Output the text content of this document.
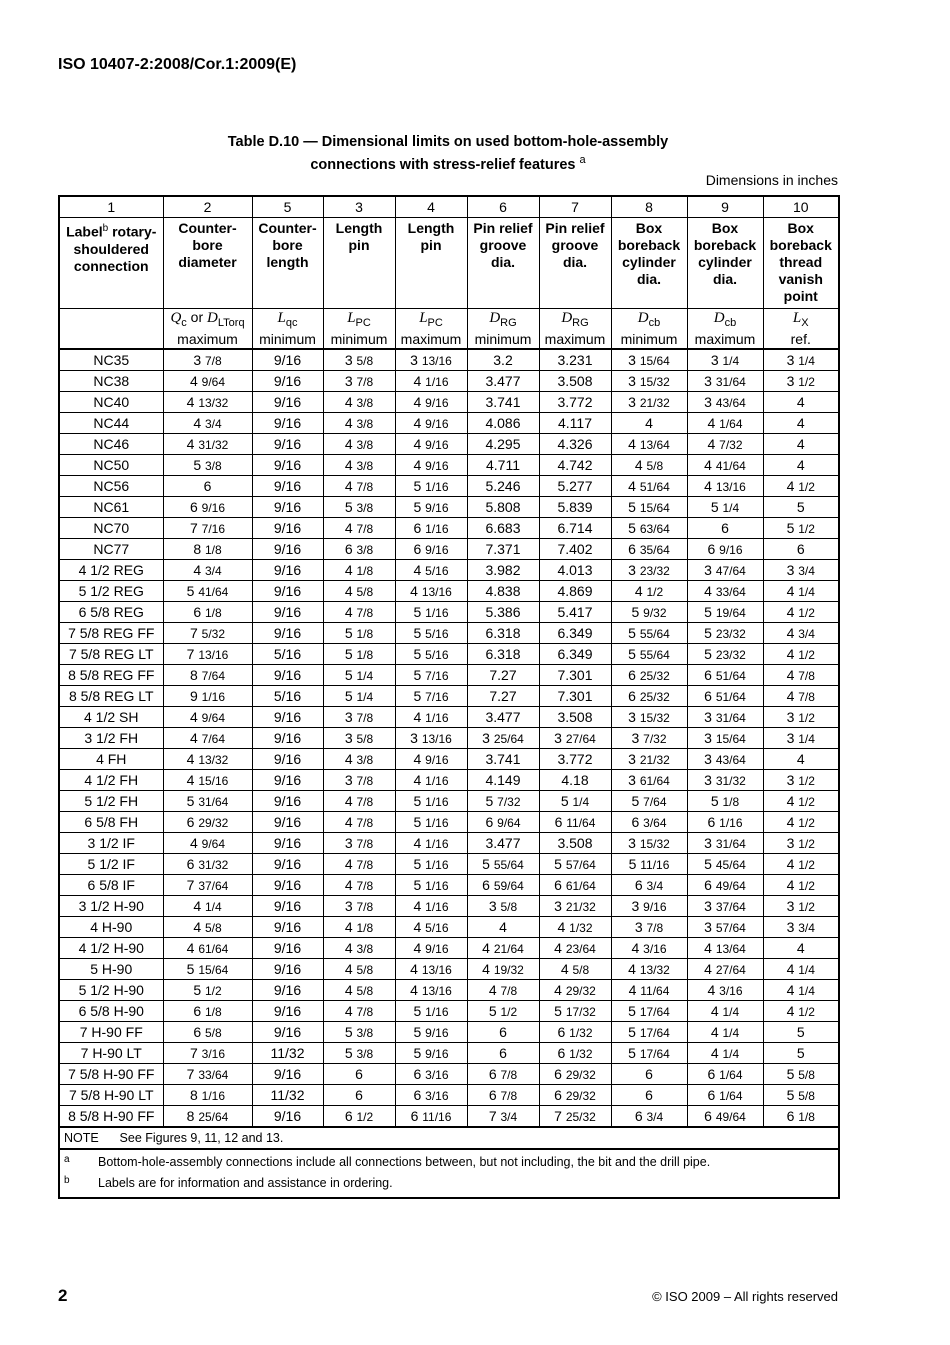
ISO 10407-2:2008/Cor.1:2009(E)
Table D.10 — Dimensional limits on used bottom-hole-assembly
connections with stress-relief features $^a$
Dimensions in inches
1	2	5	3	4	6	7	8	9	10
Label$^b$ rotary-shouldered connection	Counter-bore diameter	Counter-bore length	Length pin	Length pin	Pin relief groove dia.	Pin relief groove dia.	Box boreback cylinder dia.	Box boreback cylinder dia.	Box boreback thread vanish point
	$Q_c$ or $D_{LTorq}$	$L_{qc}$	$L_{PC}$	$L_{PC}$	$D_{RG}$	$D_{RG}$	$D_{cb}$	$D_{cb}$	$L_X$
	maximum	minimum	minimum	maximum	minimum	maximum	minimum	maximum	ref.
NC35	3 7/8	9/16	3 5/8	3 13/16	3.2	3.231	3 15/64	3 1/4	3 1/4
NC38	4 9/64	9/16	3 7/8	4 1/16	3.477	3.508	3 15/32	3 31/64	3 1/2
NC40	4 13/32	9/16	4 3/8	4 9/16	3.741	3.772	3 21/32	3 43/64	4
NC44	4 3/4	9/16	4 3/8	4 9/16	4.086	4.117	4	4 1/64	4
NC46	4 31/32	9/16	4 3/8	4 9/16	4.295	4.326	4 13/64	4 7/32	4
NC50	5 3/8	9/16	4 3/8	4 9/16	4.711	4.742	4 5/8	4 41/64	4
NC56	6	9/16	4 7/8	5 1/16	5.246	5.277	4 51/64	4 13/16	4 1/2
NC61	6 9/16	9/16	5 3/8	5 9/16	5.808	5.839	5 15/64	5 1/4	5
NC70	7 7/16	9/16	4 7/8	6 1/16	6.683	6.714	5 63/64	6	5 1/2
NC77	8 1/8	9/16	6 3/8	6 9/16	7.371	7.402	6 35/64	6 9/16	6
4 1/2 REG	4 3/4	9/16	4 1/8	4 5/16	3.982	4.013	3 23/32	3 47/64	3 3/4
5 1/2 REG	5 41/64	9/16	4 5/8	4 13/16	4.838	4.869	4 1/2	4 33/64	4 1/4
6 5/8 REG	6 1/8	9/16	4 7/8	5 1/16	5.386	5.417	5 9/32	5 19/64	4 1/2
7 5/8 REG FF	7 5/32	9/16	5 1/8	5 5/16	6.318	6.349	5 55/64	5 23/32	4 3/4
7 5/8 REG LT	7 13/16	5/16	5 1/8	5 5/16	6.318	6.349	5 55/64	5 23/32	4 1/2
8 5/8 REG FF	8 7/64	9/16	5 1/4	5 7/16	7.27	7.301	6 25/32	6 51/64	4 7/8
8 5/8 REG LT	9 1/16	5/16	5 1/4	5 7/16	7.27	7.301	6 25/32	6 51/64	4 7/8
4 1/2 SH	4 9/64	9/16	3 7/8	4 1/16	3.477	3.508	3 15/32	3 31/64	3 1/2
3 1/2 FH	4 7/64	9/16	3 5/8	3 13/16	3 25/64	3 27/64	3 7/32	3 15/64	3 1/4
4 FH	4 13/32	9/16	4 3/8	4 9/16	3.741	3.772	3 21/32	3 43/64	4
4 1/2 FH	4 15/16	9/16	3 7/8	4 1/16	4.149	4.18	3 61/64	3 31/32	3 1/2
5 1/2 FH	5 31/64	9/16	4 7/8	5 1/16	5 7/32	5 1/4	5 7/64	5 1/8	4 1/2
6 5/8 FH	6 29/32	9/16	4 7/8	5 1/16	6 9/64	6 11/64	6 3/64	6 1/16	4 1/2
3 1/2 IF	4 9/64	9/16	3 7/8	4 1/16	3.477	3.508	3 15/32	3 31/64	3 1/2
5 1/2 IF	6 31/32	9/16	4 7/8	5 1/16	5 55/64	5 57/64	5 11/16	5 45/64	4 1/2
6 5/8 IF	7 37/64	9/16	4 7/8	5 1/16	6 59/64	6 61/64	6 3/4	6 49/64	4 1/2
3 1/2 H-90	4 1/4	9/16	3 7/8	4 1/16	3 5/8	3 21/32	3 9/16	3 37/64	3 1/2
4 H-90	4 5/8	9/16	4 1/8	4 5/16	4	4 1/32	3 7/8	3 57/64	3 3/4
4 1/2 H-90	4 61/64	9/16	4 3/8	4 9/16	4 21/64	4 23/64	4 3/16	4 13/64	4
5 H-90	5 15/64	9/16	4 5/8	4 13/16	4 19/32	4 5/8	4 13/32	4 27/64	4 1/4
5 1/2 H-90	5 1/2	9/16	4 5/8	4 13/16	4 7/8	4 29/32	4 11/64	4 3/16	4 1/4
6 5/8 H-90	6 1/8	9/16	4 7/8	5 1/16	5 1/2	5 17/32	5 17/64	4 1/4	4 1/2
7 H-90 FF	6 5/8	9/16	5 3/8	5 9/16	6	6 1/32	5 17/64	4 1/4	5
7 H-90 LT	7 3/16	11/32	5 3/8	5 9/16	6	6 1/32	5 17/64	4 1/4	5
7 5/8 H-90 FF	7 33/64	9/16	6	6 3/16	6 7/8	6 29/32	6	6 1/64	5 5/8
7 5/8 H-90 LT	8 1/16	11/32	6	6 3/16	6 7/8	6 29/32	6	6 1/64	5 5/8
8 5/8 H-90 FF	8 25/64	9/16	6 1/2	6 11/16	7 3/4	7 25/32	6 3/4	6 49/64	6 1/8
NOTE      See Figures 9, 11, 12 and 13.									

a Bottom-hole-assembly connections include all connections between, but not including, the bit and the drill pipe.
b Labels are for information and assistance in ordering.									
2	© ISO 2009 – All rights reserved
